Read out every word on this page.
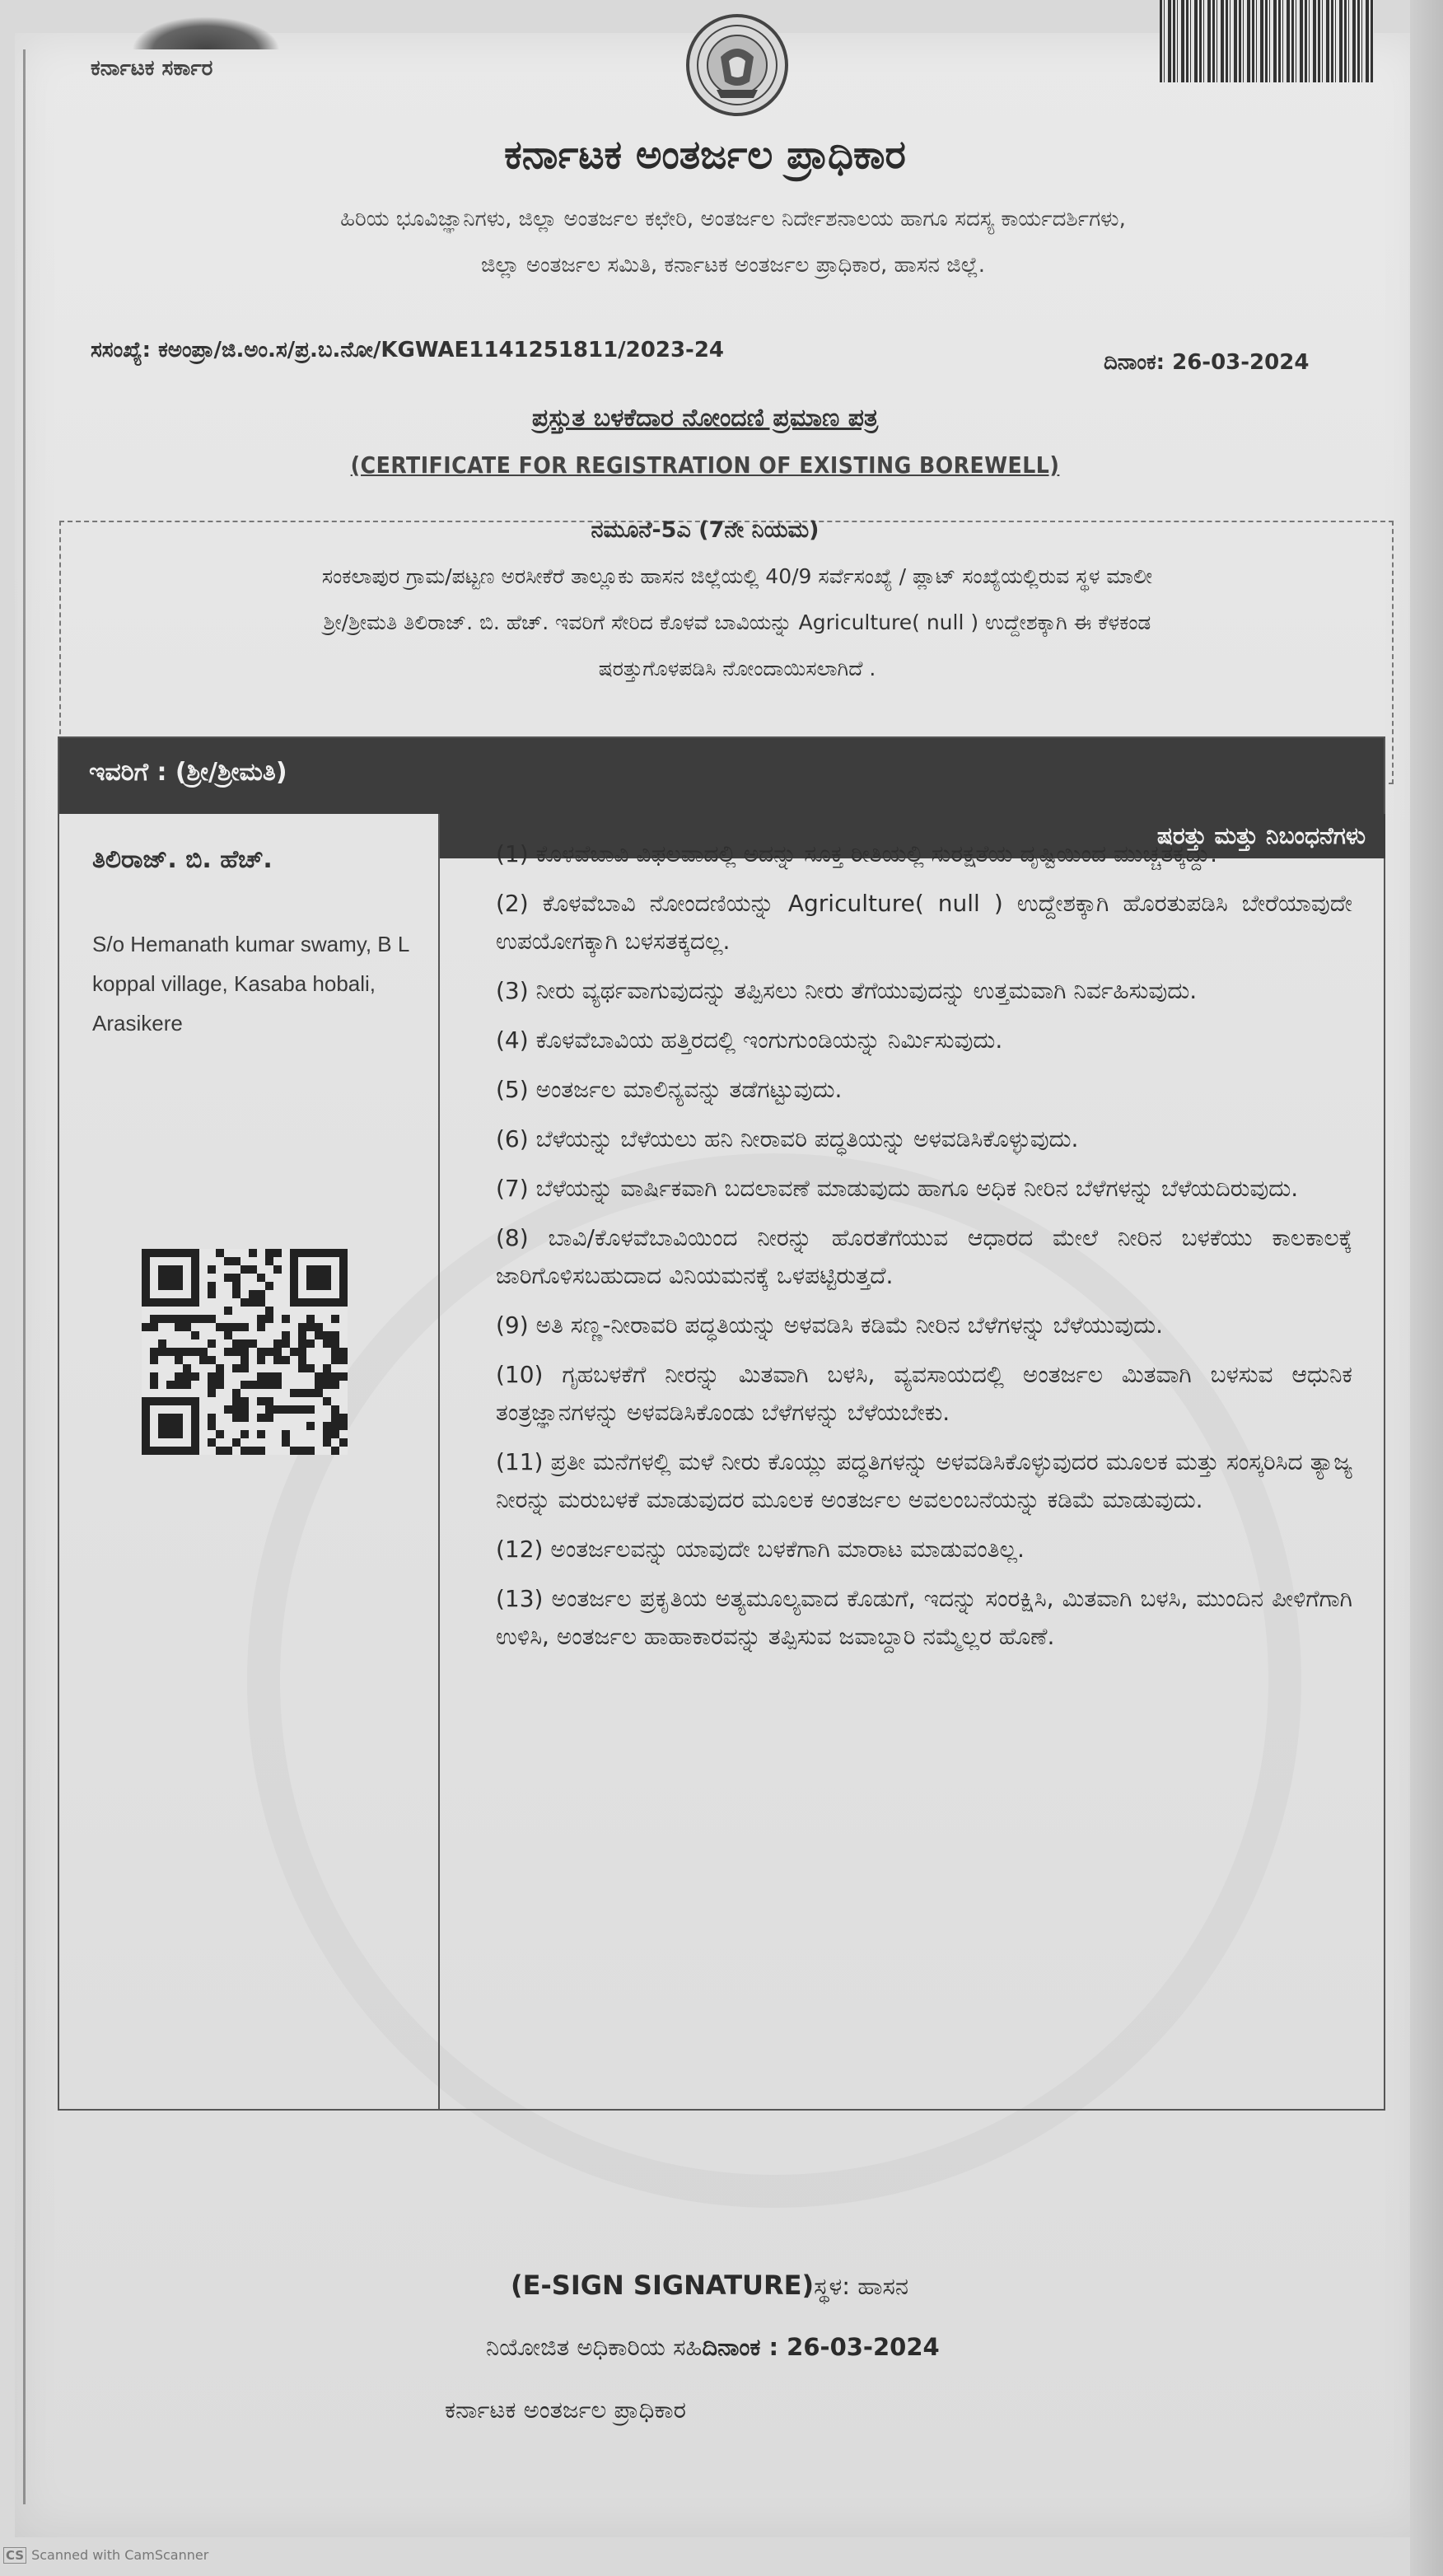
ಕರ್ನಾಟಕ ಸರ್ಕಾರ
ಕರ್ನಾಟಕ ಅಂತರ್ಜಲ ಪ್ರಾಧಿಕಾರ
ಹಿರಿಯ ಭೂವಿಜ್ಞಾನಿಗಳು, ಜಿಲ್ಲಾ ಅಂತರ್ಜಲ ಕಛೇರಿ, ಅಂತರ್ಜಲ ನಿರ್ದೇಶನಾಲಯ ಹಾಗೂ ಸದಸ್ಯ ಕಾರ್ಯದರ್ಶಿಗಳು,
ಜಿಲ್ಲಾ ಅಂತರ್ಜಲ ಸಮಿತಿ, ಕರ್ನಾಟಕ ಅಂತರ್ಜಲ ಪ್ರಾಧಿಕಾರ, ಹಾಸನ ಜಿಲ್ಲೆ.
ಸಸಂಖ್ಯೆ: ಕಅಂಪ್ರಾ/ಜಿ.ಅಂ.ಸ/ಪ್ರ.ಬ.ನೋ/KGWAE1141251811/2023-24	ದಿನಾಂಕ: 26-03-2024
ಪ್ರಸ್ತುತ ಬಳಕೆದಾರ ನೋಂದಣಿ ಪ್ರಮಾಣ ಪತ್ರ
(CERTIFICATE FOR REGISTRATION OF EXISTING BOREWELL)
ನಮೂನೆ-5ಎ (7ನೇ ನಿಯಮ)
ಸಂಕಲಾಪುರ ಗ್ರಾಮ/ಪಟ್ಟಣ ಅರಸೀಕೆರೆ ತಾಲ್ಲೂಕು ಹಾಸನ ಜಿಲ್ಲೆಯಲ್ಲಿ 40/9 ಸರ್ವೆಸಂಖ್ಯೆ / ಪ್ಲಾಟ್ ಸಂಖ್ಯೆಯಲ್ಲಿರುವ ಸ್ಥಳ ಮಾಲೀ
ಶ್ರೀ/ಶ್ರೀಮತಿ ತಿಲಿರಾಜ್. ಬಿ. ಹೆಚ್. ಇವರಿಗೆ ಸೇರಿದ ಕೊಳವೆ ಬಾವಿಯನ್ನು Agriculture( null ) ಉದ್ದೇಶಕ್ಕಾಗಿ ಈ ಕೆಳಕಂಡ
ಷರತ್ತುಗೊಳಪಡಿಸಿ ನೋಂದಾಯಿಸಲಾಗಿದೆ .
ಇವರಿಗೆ : (ಶ್ರೀ/ಶ್ರೀಮತಿ)
ಷರತ್ತು ಮತ್ತು ನಿಬಂಧನೆಗಳು
ತಿಲಿರಾಜ್. ಬಿ. ಹೆಚ್.
S/o Hemanath kumar swamy, B L koppal village, Kasaba hobali, Arasikere
(1) ಕೊಳವೆಬಾವಿ ವಿಫಲವಾದಲ್ಲಿ ಅದನ್ನು ಸೂಕ್ತ ರೀತಿಯಲ್ಲಿ ಸುರಕ್ಷತೆಯ ದೃಷ್ಟಿಯಿಂದ ಮುಚ್ಚತಕ್ಕದ್ದು.
(2) ಕೊಳವೆಬಾವಿ ನೋಂದಣಿಯನ್ನು Agriculture( null ) ಉದ್ದೇಶಕ್ಕಾಗಿ ಹೊರತುಪಡಿಸಿ ಬೇರೆಯಾವುದೇ ಉಪಯೋಗಕ್ಕಾಗಿ ಬಳಸತಕ್ಕದಲ್ಲ.
(3) ನೀರು ವ್ಯರ್ಥವಾಗುವುದನ್ನು ತಪ್ಪಿಸಲು ನೀರು ತೆಗೆಯುವುದನ್ನು ಉತ್ತಮವಾಗಿ ನಿರ್ವಹಿಸುವುದು.
(4) ಕೊಳವೆಬಾವಿಯ ಹತ್ತಿರದಲ್ಲಿ ಇಂಗುಗುಂಡಿಯನ್ನು ನಿರ್ಮಿಸುವುದು.
(5) ಅಂತರ್ಜಲ ಮಾಲಿನ್ಯವನ್ನು ತಡೆಗಟ್ಟುವುದು.
(6) ಬೆಳೆಯನ್ನು ಬೆಳೆಯಲು ಹನಿ ನೀರಾವರಿ ಪದ್ಧತಿಯನ್ನು ಅಳವಡಿಸಿಕೊಳ್ಳುವುದು.
(7) ಬೆಳೆಯನ್ನು ವಾರ್ಷಿಕವಾಗಿ ಬದಲಾವಣೆ ಮಾಡುವುದು ಹಾಗೂ ಅಧಿಕ ನೀರಿನ ಬೆಳೆಗಳನ್ನು ಬೆಳೆಯದಿರುವುದು.
(8) ಬಾವಿ/ಕೊಳವೆಬಾವಿಯಿಂದ ನೀರನ್ನು ಹೊರತೆಗೆಯುವ ಆಧಾರದ ಮೇಲೆ ನೀರಿನ ಬಳಕೆಯು ಕಾಲಕಾಲಕ್ಕೆ ಜಾರಿಗೊಳಿಸಬಹುದಾದ ವಿನಿಯಮನಕ್ಕೆ ಒಳಪಟ್ಟಿರುತ್ತದೆ.
(9) ಅತಿ ಸಣ್ಣ-ನೀರಾವರಿ ಪದ್ಧತಿಯನ್ನು ಅಳವಡಿಸಿ ಕಡಿಮೆ ನೀರಿನ ಬೆಳೆಗಳನ್ನು ಬೆಳೆಯುವುದು.
(10) ಗೃಹಬಳಕೆಗೆ ನೀರನ್ನು ಮಿತವಾಗಿ ಬಳಸಿ, ವ್ಯವಸಾಯದಲ್ಲಿ ಅಂತರ್ಜಲ ಮಿತವಾಗಿ ಬಳಸುವ ಆಧುನಿಕ ತಂತ್ರಜ್ಞಾನಗಳನ್ನು ಅಳವಡಿಸಿಕೊಂಡು ಬೆಳೆಗಳನ್ನು ಬೆಳೆಯಬೇಕು.
(11) ಪ್ರತೀ ಮನೆಗಳಲ್ಲಿ ಮಳೆ ನೀರು ಕೊಯ್ಲು ಪದ್ಧತಿಗಳನ್ನು ಅಳವಡಿಸಿಕೊಳ್ಳುವುದರ ಮೂಲಕ ಮತ್ತು ಸಂಸ್ಕರಿಸಿದ ತ್ಯಾಜ್ಯ ನೀರನ್ನು ಮರುಬಳಕೆ ಮಾಡುವುದರ ಮೂಲಕ ಅಂತರ್ಜಲ ಅವಲಂಬನೆಯನ್ನು ಕಡಿಮೆ ಮಾಡುವುದು.
(12) ಅಂತರ್ಜಲವನ್ನು ಯಾವುದೇ ಬಳಕೆಗಾಗಿ ಮಾರಾಟ ಮಾಡುವಂತಿಲ್ಲ.
(13) ಅಂತರ್ಜಲ ಪ್ರಕೃತಿಯ ಅತ್ಯಮೂಲ್ಯವಾದ ಕೊಡುಗೆ, ಇದನ್ನು ಸಂರಕ್ಷಿಸಿ, ಮಿತವಾಗಿ ಬಳಸಿ, ಮುಂದಿನ ಪೀಳಿಗೆಗಾಗಿ ಉಳಿಸಿ, ಅಂತರ್ಜಲ ಹಾಹಾಕಾರವನ್ನು ತಪ್ಪಿಸುವ ಜವಾಬ್ದಾರಿ ನಮ್ಮೆಲ್ಲರ ಹೊಣೆ.
(E-SIGN SIGNATURE)ಸ್ಥಳ: ಹಾಸನ
ನಿಯೋಜಿತ ಅಧಿಕಾರಿಯ ಸಹಿದಿನಾಂಕ : 26-03-2024
ಕರ್ನಾಟಕ ಅಂತರ್ಜಲ ಪ್ರಾಧಿಕಾರ
CS Scanned with CamScanner
